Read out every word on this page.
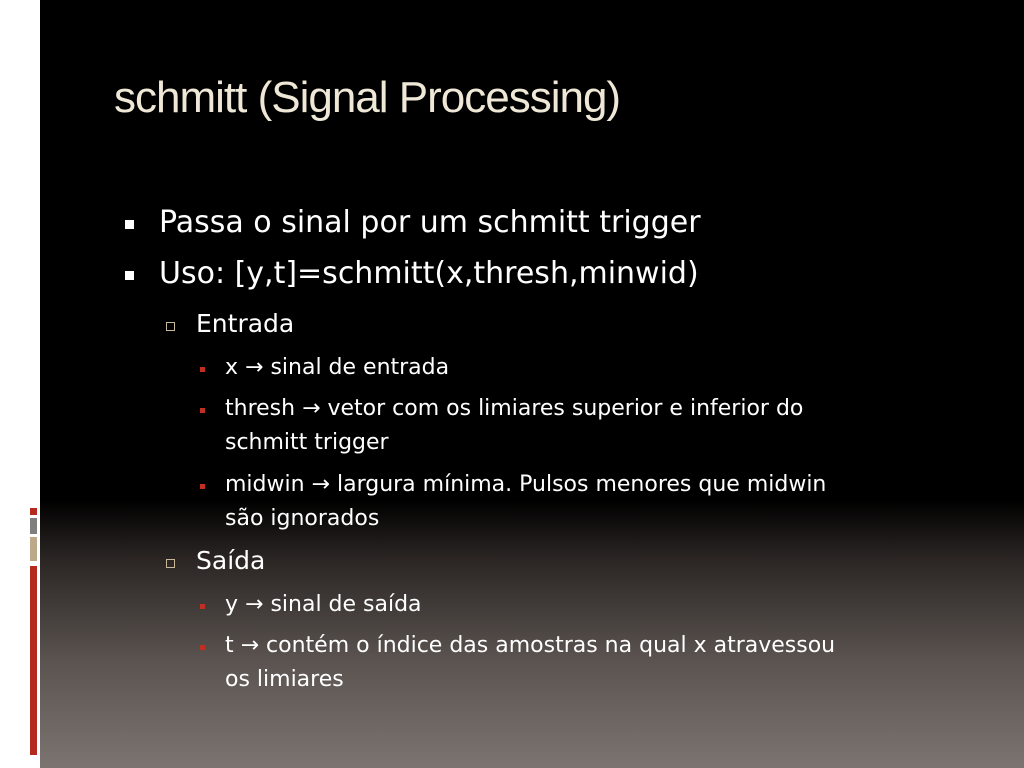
schmitt (Signal Processing)
Passa o sinal por um schmitt trigger
Uso: [y,t]=schmitt(x,thresh,minwid)
Entrada
x → sinal de entrada
thresh → vetor com os limiares superior e inferior do
schmitt trigger
midwin → largura mínima. Pulsos menores que midwin
são ignorados
Saída
y → sinal de saída
t → contém o índice das amostras na qual x atravessou
os limiares
